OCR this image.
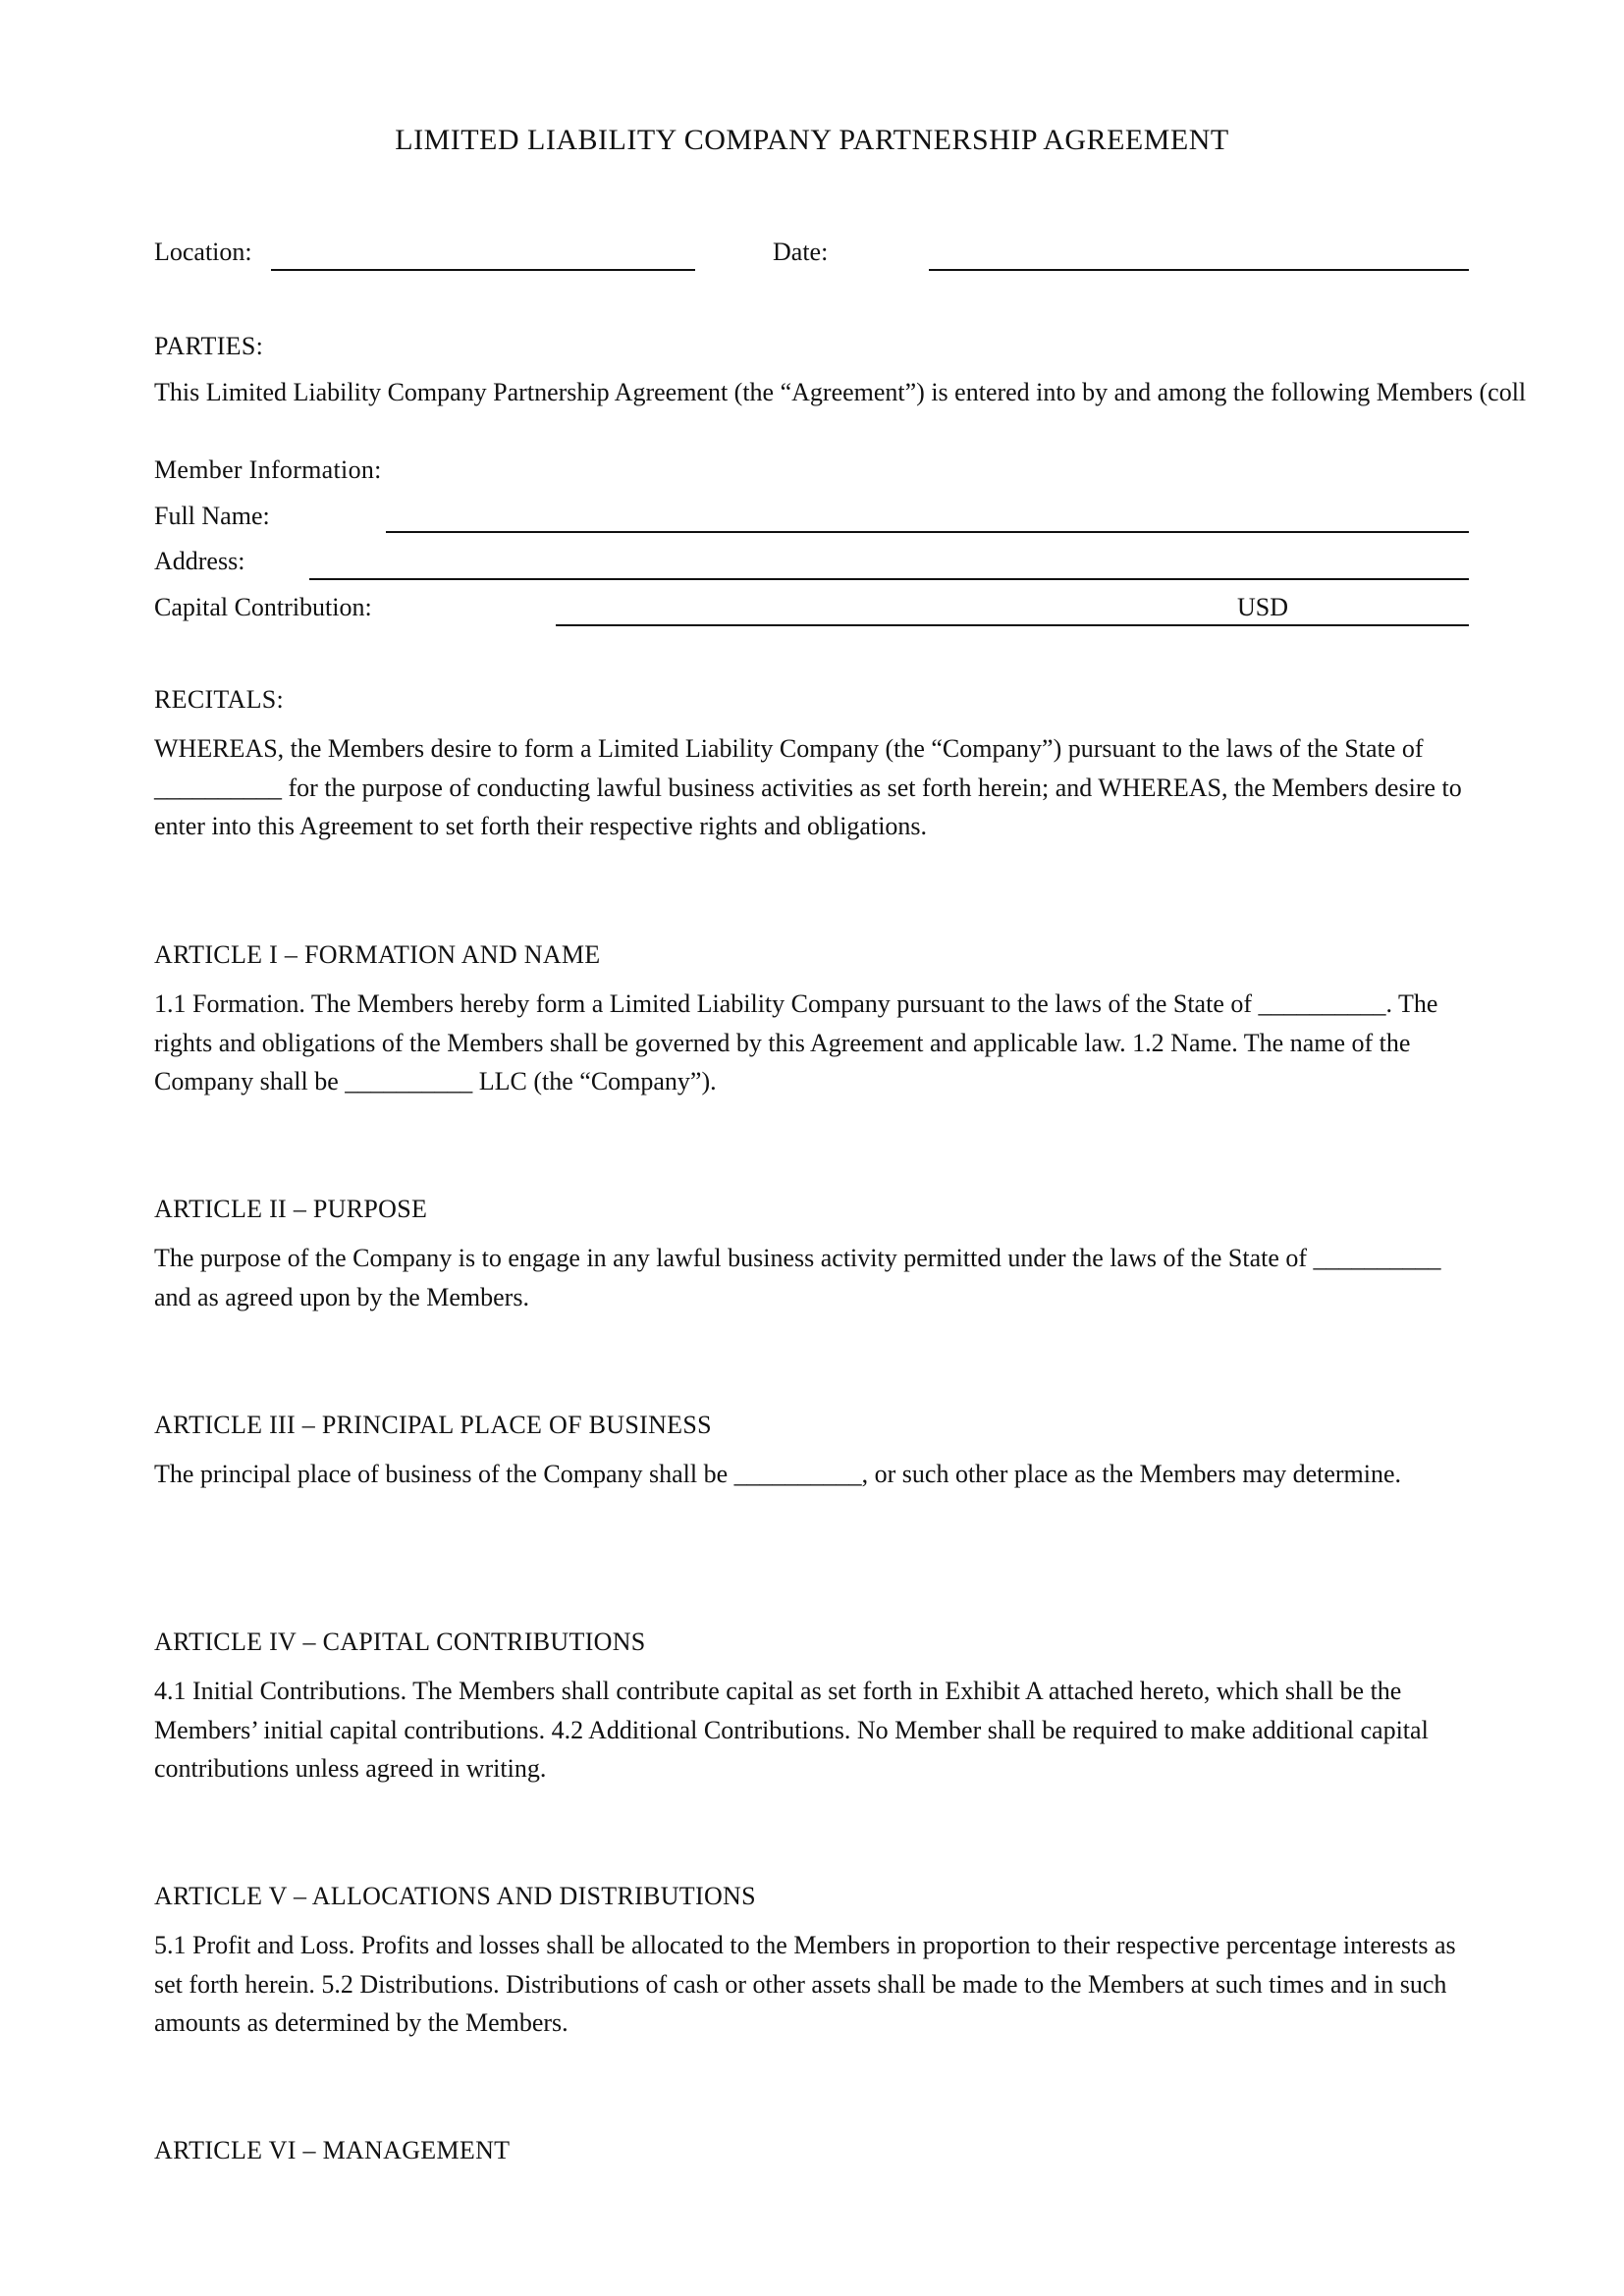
LIMITED LIABILITY COMPANY PARTNERSHIP AGREEMENT
Location:	Date:
PARTIES:
This Limited Liability Company Partnership Agreement (the “Agreement”) is entered into by and among the following Members (coll
Member Information:
Full Name:
Address:
Capital Contribution:	USD
RECITALS:
WHEREAS, the Members desire to form a Limited Liability Company (the “Company”) pursuant to the laws of the State of __________ for the purpose of conducting lawful business activities as set forth herein; and WHEREAS, the Members desire to enter into this Agreement to set forth their respective rights and obligations.
ARTICLE I – FORMATION AND NAME
1.1 Formation. The Members hereby form a Limited Liability Company pursuant to the laws of the State of __________. The rights and obligations of the Members shall be governed by this Agreement and applicable law. 1.2 Name. The name of the Company shall be __________ LLC (the “Company”).
ARTICLE II – PURPOSE
The purpose of the Company is to engage in any lawful business activity permitted under the laws of the State of __________ and as agreed upon by the Members.
ARTICLE III – PRINCIPAL PLACE OF BUSINESS
The principal place of business of the Company shall be __________, or such other place as the Members may determine.
ARTICLE IV – CAPITAL CONTRIBUTIONS
4.1 Initial Contributions. The Members shall contribute capital as set forth in Exhibit A attached hereto, which shall be the Members’ initial capital contributions. 4.2 Additional Contributions. No Member shall be required to make additional capital contributions unless agreed in writing.
ARTICLE V – ALLOCATIONS AND DISTRIBUTIONS
5.1 Profit and Loss. Profits and losses shall be allocated to the Members in proportion to their respective percentage interests as set forth herein. 5.2 Distributions. Distributions of cash or other assets shall be made to the Members at such times and in such amounts as determined by the Members.
ARTICLE VI – MANAGEMENT
